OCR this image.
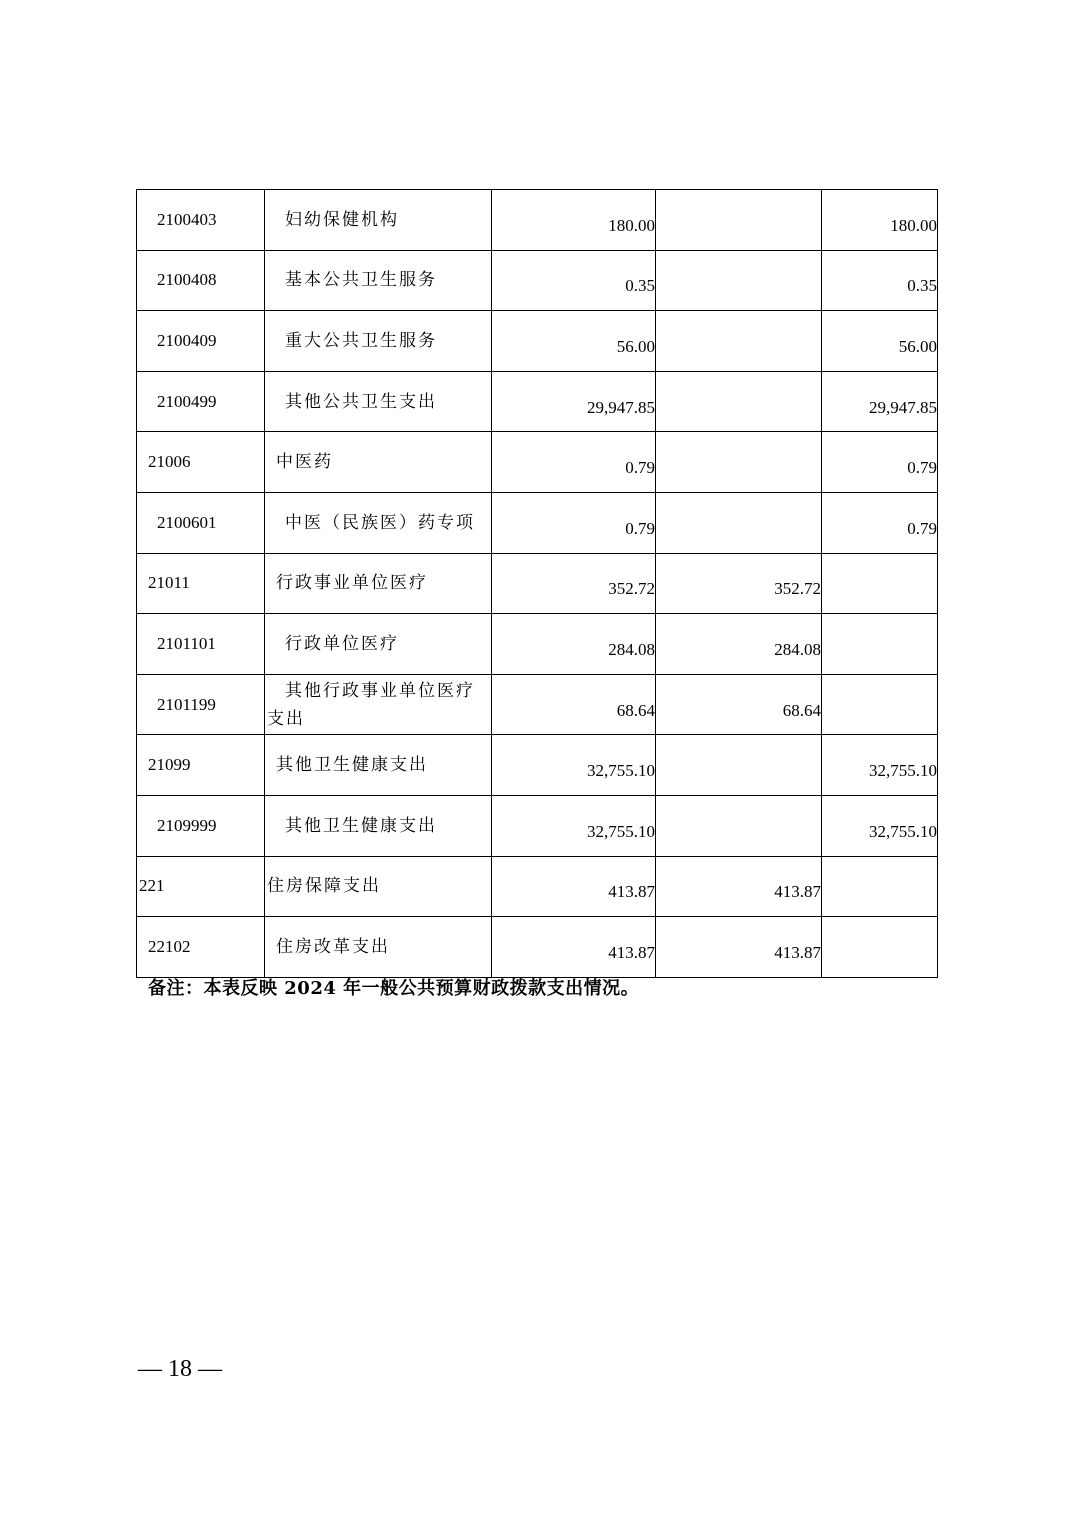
2100403	妇幼保健机构	180.00		180.00
2100408	基本公共卫生服务	0.35		0.35
2100409	重大公共卫生服务	56.00		56.00
2100499	其他公共卫生支出	29,947.85		29,947.85
21006	中医药	0.79		0.79
2100601	中医（民族医）药专项	0.79		0.79
21011	行政事业单位医疗	352.72	352.72	
2101101	行政单位医疗	284.08	284.08	
2101199	其他行政事业单位医疗支出	68.64	68.64	
21099	其他卫生健康支出	32,755.10		32,755.10
2109999	其他卫生健康支出	32,755.10		32,755.10
221	住房保障支出	413.87	413.87	
22102	住房改革支出	413.87	413.87	
备注：本表反映 2024 年一般公共预算财政拨款支出情况。
— 18 —
